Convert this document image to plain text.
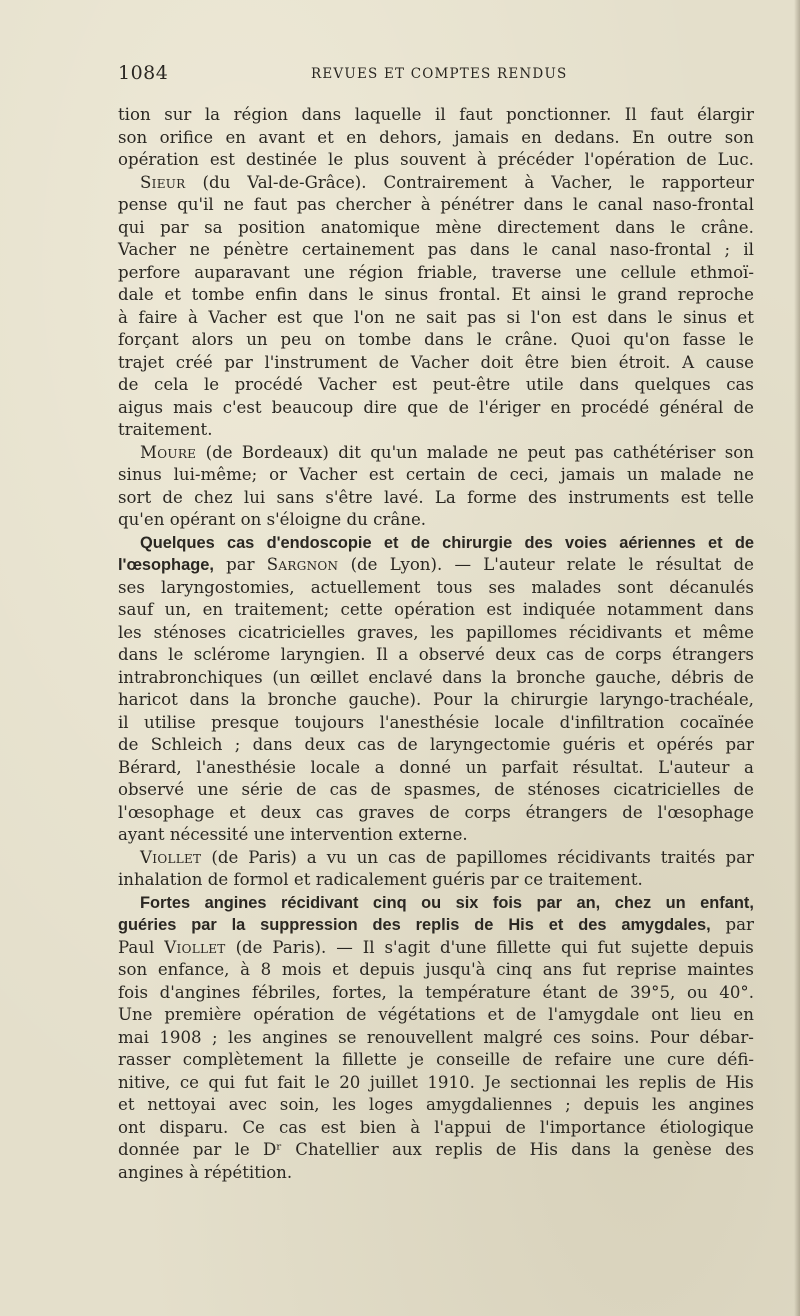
1084	REVUES ET COMPTES RENDUS
tion sur la région dans laquelle il faut ponctionner. Il faut élargir
son orifice en avant et en dehors, jamais en dedans. En outre son
opération est destinée le plus souvent à précéder l'opération de Luc.
Sieur (du Val-de-Grâce). Contrairement à Vacher, le rapporteur
pense qu'il ne faut pas chercher à pénétrer dans le canal naso-frontal
qui par sa position anatomique mène directement dans le crâne.
Vacher ne pénètre certainement pas dans le canal naso-frontal ; il
perfore auparavant une région friable, traverse une cellule ethmoï-
dale et tombe enfin dans le sinus frontal. Et ainsi le grand reproche
à faire à Vacher est que l'on ne sait pas si l'on est dans le sinus et
forçant alors un peu on tombe dans le crâne. Quoi qu'on fasse le
trajet créé par l'instrument de Vacher doit être bien étroit. A cause
de cela le procédé Vacher est peut-être utile dans quelques cas
aigus mais c'est beaucoup dire que de l'ériger en procédé général de
traitement.
Moure (de Bordeaux) dit qu'un malade ne peut pas cathétériser son
sinus lui-même; or Vacher est certain de ceci, jamais un malade ne
sort de chez lui sans s'être lavé. La forme des instruments est telle
qu'en opérant on s'éloigne du crâne.
Quelques cas d'endoscopie et de chirurgie des voies aériennes et de
l'œsophage, par Sargnon (de Lyon). — L'auteur relate le résultat de
ses laryngostomies, actuellement tous ses malades sont décanulés
sauf un, en traitement; cette opération est indiquée notamment dans
les sténoses cicatricielles graves, les papillomes récidivants et même
dans le sclérome laryngien. Il a observé deux cas de corps étrangers
intrabronchiques (un œillet enclavé dans la bronche gauche, débris de
haricot dans la bronche gauche). Pour la chirurgie laryngo-trachéale,
il utilise presque toujours l'anesthésie locale d'infiltration cocaïnée
de Schleich ; dans deux cas de laryngectomie guéris et opérés par
Bérard, l'anesthésie locale a donné un parfait résultat. L'auteur a
observé une série de cas de spasmes, de sténoses cicatricielles de
l'œsophage et deux cas graves de corps étrangers de l'œsophage
ayant nécessité une intervention externe.
Viollet (de Paris) a vu un cas de papillomes récidivants traités par
inhalation de formol et radicalement guéris par ce traitement.
Fortes angines récidivant cinq ou six fois par an, chez un enfant,
guéries par la suppression des replis de His et des amygdales, par
Paul Viollet (de Paris). — Il s'agit d'une fillette qui fut sujette depuis
son enfance, à 8 mois et depuis jusqu'à cinq ans fut reprise maintes
fois d'angines fébriles, fortes, la température étant de 39°5, ou 40°.
Une première opération de végétations et de l'amygdale ont lieu en
mai 1908 ; les angines se renouvellent malgré ces soins. Pour débar-
rasser complètement la fillette je conseille de refaire une cure défi-
nitive, ce qui fut fait le 20 juillet 1910. Je sectionnai les replis de His
et nettoyai avec soin, les loges amygdaliennes ; depuis les angines
ont disparu. Ce cas est bien à l'appui de l'importance étiologique
donnée par le Dʳ Chatellier aux replis de His dans la genèse des
angines à répétition.
